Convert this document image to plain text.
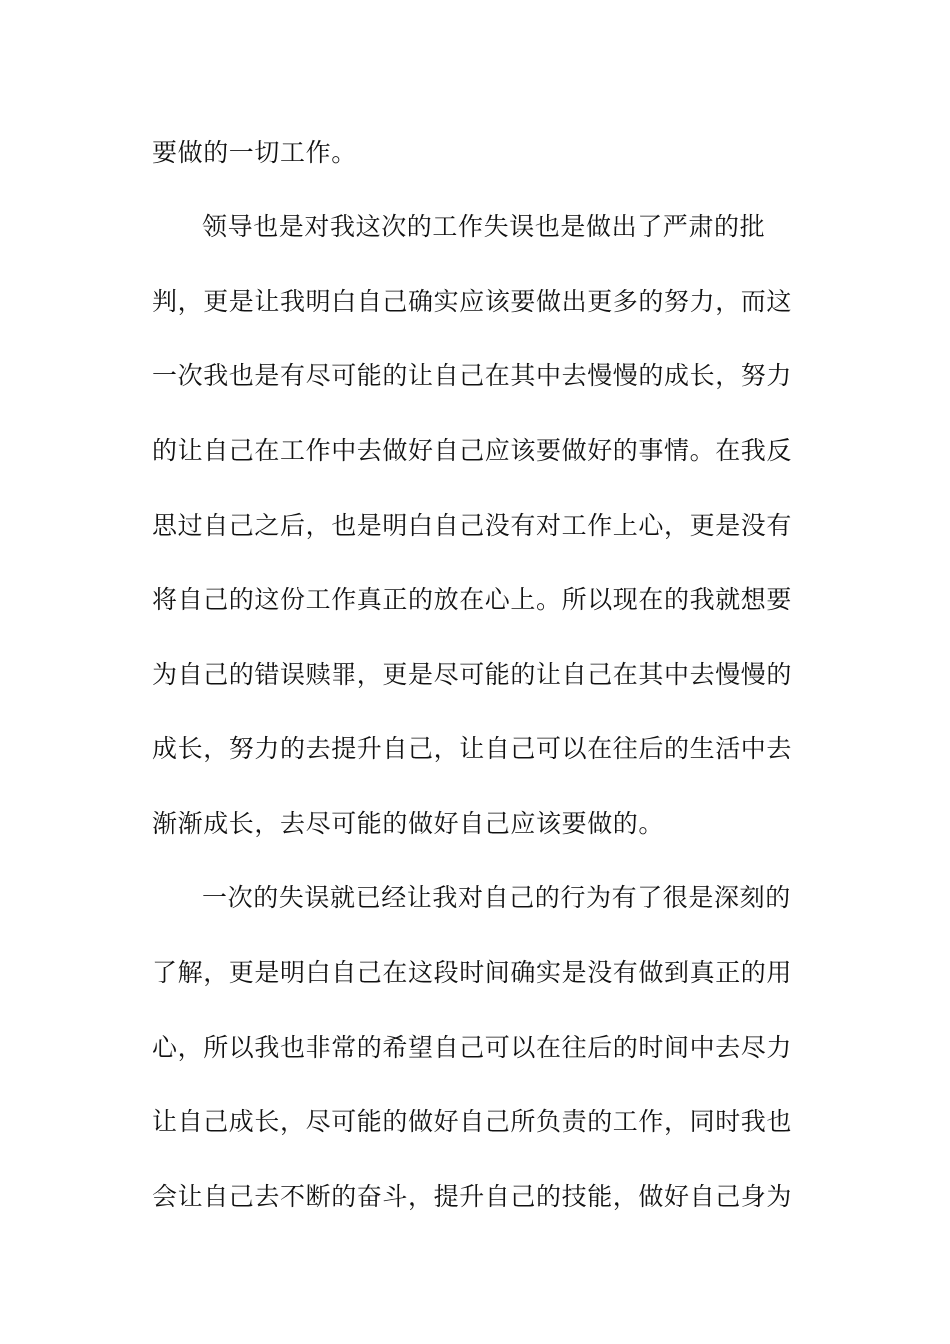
要做的一切工作。
领导也是对我这次的工作失误也是做出了严肃的批
判，更是让我明白自己确实应该要做出更多的努力，而这
一次我也是有尽可能的让自己在其中去慢慢的成长，努力
的让自己在工作中去做好自己应该要做好的事情。在我反
思过自己之后，也是明白自己没有对工作上心，更是没有
将自己的这份工作真正的放在心上。所以现在的我就想要
为自己的错误赎罪，更是尽可能的让自己在其中去慢慢的
成长，努力的去提升自己，让自己可以在往后的生活中去
渐渐成长，去尽可能的做好自己应该要做的。
一次的失误就已经让我对自己的行为有了很是深刻的
了解，更是明白自己在这段时间确实是没有做到真正的用
心，所以我也非常的希望自己可以在往后的时间中去尽力
让自己成长，尽可能的做好自己所负责的工作，同时我也
会让自己去不断的奋斗，提升自己的技能，做好自己身为
